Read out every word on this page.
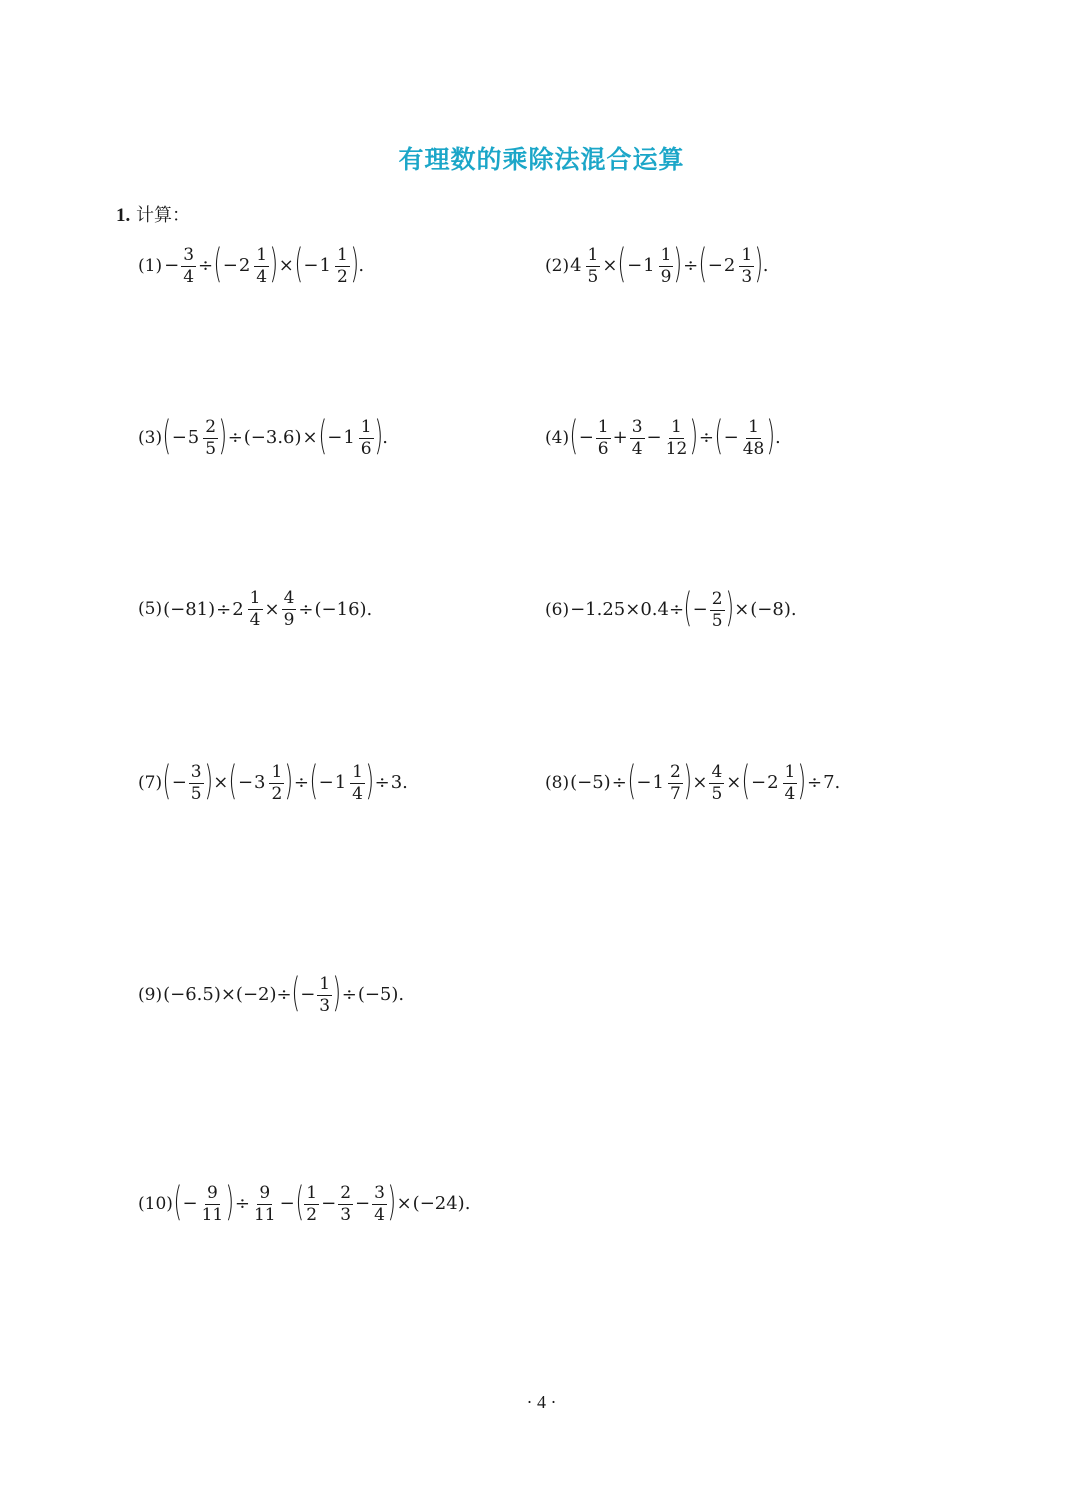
有理数的乘除法混合运算
1. 计算：
$(1) - \frac{3}{4}$ ÷ ( − 2
1
4 ) × ( − 1
1
2 ) .	(2) $4 \frac{1}{5}$ × ( − 1
1
9 ) ÷ ( − 2
1
3 ) .
(3) ( − 5
2
5 ) ÷ (−3.6) × ( − 1
1
6 ) .	(4) ( − $\frac{1}{6} + \frac{3}{4} - \frac{1}{12}$ ) ÷ ( − $\frac{1}{48}$ ) .
(5) $(-81) \div 2 \frac{1}{4} \times \frac{4}{9} \div (-16)$.	(6) −1.25×0.4÷ ( − $\frac{2}{5}$ ) × (−8).
(7) ( − $\frac{3}{5}$ ) × ( − 3
1
2 ) ÷ ( − 1
1
4 ) ÷ 3.	(8) (−5) ÷ ( − 1
2
7 ) × $\frac{4}{5}$ × ( − 2
1
4 ) ÷ 7.
(9) (−6.5)×(−2)÷ ( − $\frac{1}{3}$ ) ÷ (−5).
(10) ( − $\frac{9}{11}$ ) ÷ $\frac{9}{11}$ − ( 1
2
− $\frac{2}{3} - \frac{3}{4}$ ) × (−24).
· 4 ·
